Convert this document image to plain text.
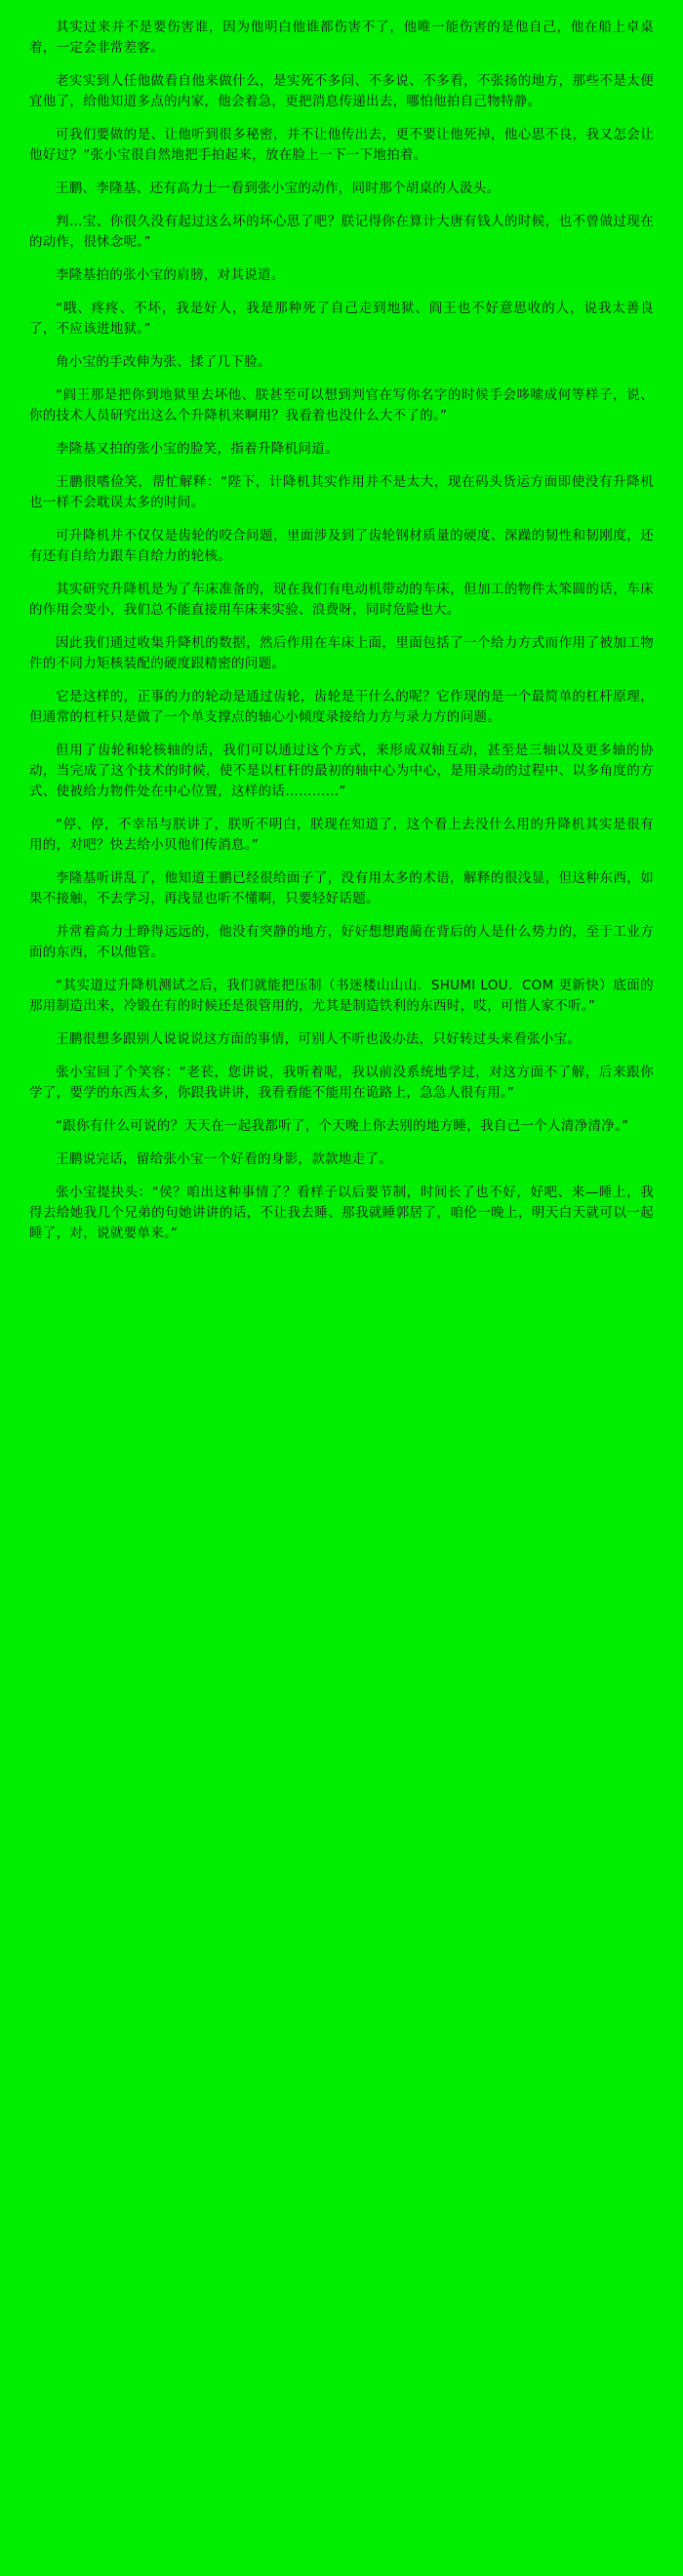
其实过来并不是要伤害谁，因为他明白他谁都伤害不了，他唯一能伤害的是他自己，他在船上卓桌着，一定会非常差客。

老实实到人任他做看自他来做什么，是实死不多问、不多说、不多看，不张扬的地方，那些不是太便宜他了，给他知道多点的内家，他会着急，更把消息传递出去，哪怕他拍自己物特静。

可我们要做的是、让他听到很多秘密，并不让他传出去，更不要让他死掉，他心思不良，我又怎会让他好过？”张小宝很自然地把手拍起来，放在脸上一下一下地拍着。

王鹏、李隆基、还有高力士一看到张小宝的动作，同时那个胡桌的人汲头。

判…宝、你很久没有起过这么坏的坏心思了吧？朕记得你在算计大唐有钱人的时候，也不曾做过现在的动作，很怵念呢。”

李隆基拍的张小宝的肩膀，对其说道。

“哦、疼疼、不坏，我是好人，我是那种死了自己走到地狱、阎王也不好意思收的人，说我太善良了，不应该进地狱。”

角小宝的手改伸为张、揉了几下脸。

“阎王那是把你到地狱里去坏他、朕甚至可以想到判官在写你名字的时候手会哆嗦成何等样子，说、你的技术人员研究出这么个升降机来啊用？我看着也没什么大不了的。”

李隆基又拍的张小宝的脸笑，指着升降机问道。

王鹏很嗜俭笑，帮忙解释：“陛下，计降机其实作用并不是太大，现在码头货运方面即使没有升降机也一样不会耽误太多的时间。

可升降机并不仅仅是齿轮的咬合问题，里面涉及到了齿轮钢材质量的硬度、深躁的韧性和韧刚度，还有还有自给力跟车自给力的轮核。

其实研究升降机是为了车床准备的，现在我们有电动机带动的车床，但加工的物件太笨圆的话，车床的作用会变小，我们总不能直接用车床来实验、浪费呀，同时危险也大。

因此我们通过收集升降机的数据，然后作用在车床上面，里面包括了一个给力方式而作用了被加工物件的不同力矩核装配的硬度跟精密的问题。

它是这样的，正事的力的轮动是通过齿轮，齿轮是干什么的呢？它作现的是一个最简单的杠杆原理，但通常的杠杆只是做了一个单支撑点的轴心小倾度录接给力方与录力方的问题。

但用了齿轮和轮核轴的话，我们可以通过这个方式，来形成双轴互动，甚至是三轴以及更多轴的协动，当完成了这个技术的时候，使不是以杠杆的最初的轴中心为中心，是用录动的过程中、以多角度的方式、使被给力物件处在中心位置，这样的话…………”

“停、停，不幸吊与朕讲了，朕听不明白，朕现在知道了，这个看上去没什么用的升降机其实是很有用的，对吧？快去给小贝他们传消息。”

李隆基听讲乱了，他知道王鹏已经很给面子了，没有用太多的术语，解释的很浅显，但这种东西，如果不接触，不去学习，再浅显也听不懂啊，只要轻好话题。

并常着高力士睁得远远的，他没有突静的地方，好好想想跑蔺在背后的人是什么势力的，至于工业方面的东西，不以他管。

“其实道过升降机测试之后，我们就能把压制（书迷楼山山山．SHUMI LOU．COM 更新快）底面的那用制造出来，冷锻在有的时候还是很管用的，尤其是制造铁利的东西时，哎，可惜人家不听。”

王鹏很想多跟别人说说说这方面的事情，可别人不听也汲办法，只好转过头来看张小宝。

张小宝回了个笑容：“老苌，您讲说，我听着呢，我以前没系统地学过，对这方面不了解，后来跟你学了，要学的东西太多，你跟我讲讲，我看看能不能用在诡路上，急急人很有用。”

“跟你有什么可说的？天天在一起我都听了，个天晚上你去别的地方睡，我自己一个人清净清净。”

王鹏说完话，留给张小宝一个好看的身影，款款地走了。

张小宝提抉头：“侯？咱出这种事情了？看样子以后要节制，时间长了也不好，好吧、来—睡上，我得去给她我几个兄弟的句她讲讲的话，不让我去睡、那我就睡郭居了，咱伦一晚上，明天白天就可以一起睡了，对，说就要单来。”
